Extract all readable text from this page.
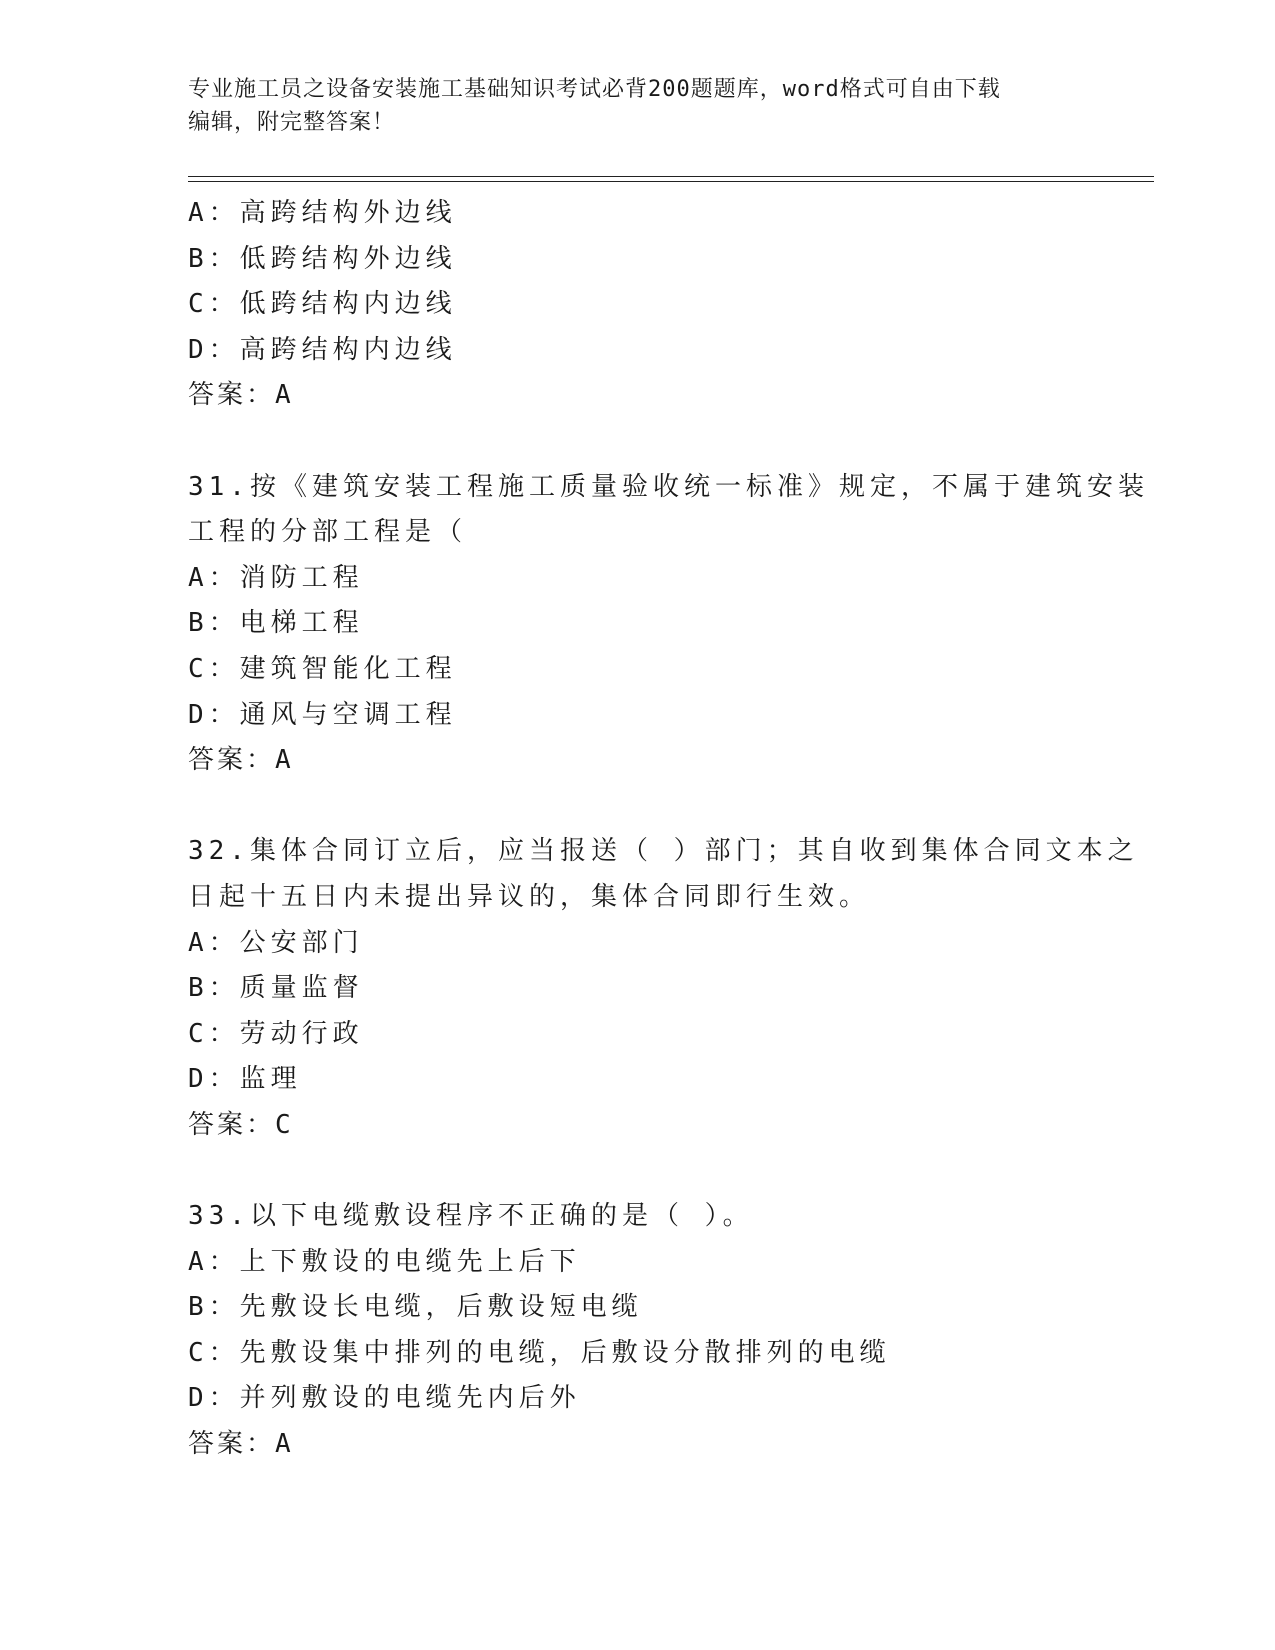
专业施工员之设备安装施工基础知识考试必背200题题库，word格式可自由下载
编辑，附完整答案！
A：高跨结构外边线
B：低跨结构外边线
C：低跨结构内边线
D：高跨结构内边线
答案：A
31.按《建筑安装工程施工质量验收统一标准》规定，不属于建筑安装
工程的分部工程是（
A：消防工程
B：电梯工程
C：建筑智能化工程
D：通风与空调工程
答案：A
32.集体合同订立后，应当报送（ ）部门；其自收到集体合同文本之
日起十五日内未提出异议的，集体合同即行生效。
A：公安部门
B：质量监督
C：劳动行政
D：监理
答案：C
33.以下电缆敷设程序不正确的是（ ）。
A：上下敷设的电缆先上后下
B：先敷设长电缆，后敷设短电缆
C：先敷设集中排列的电缆，后敷设分散排列的电缆
D：并列敷设的电缆先内后外
答案：A
